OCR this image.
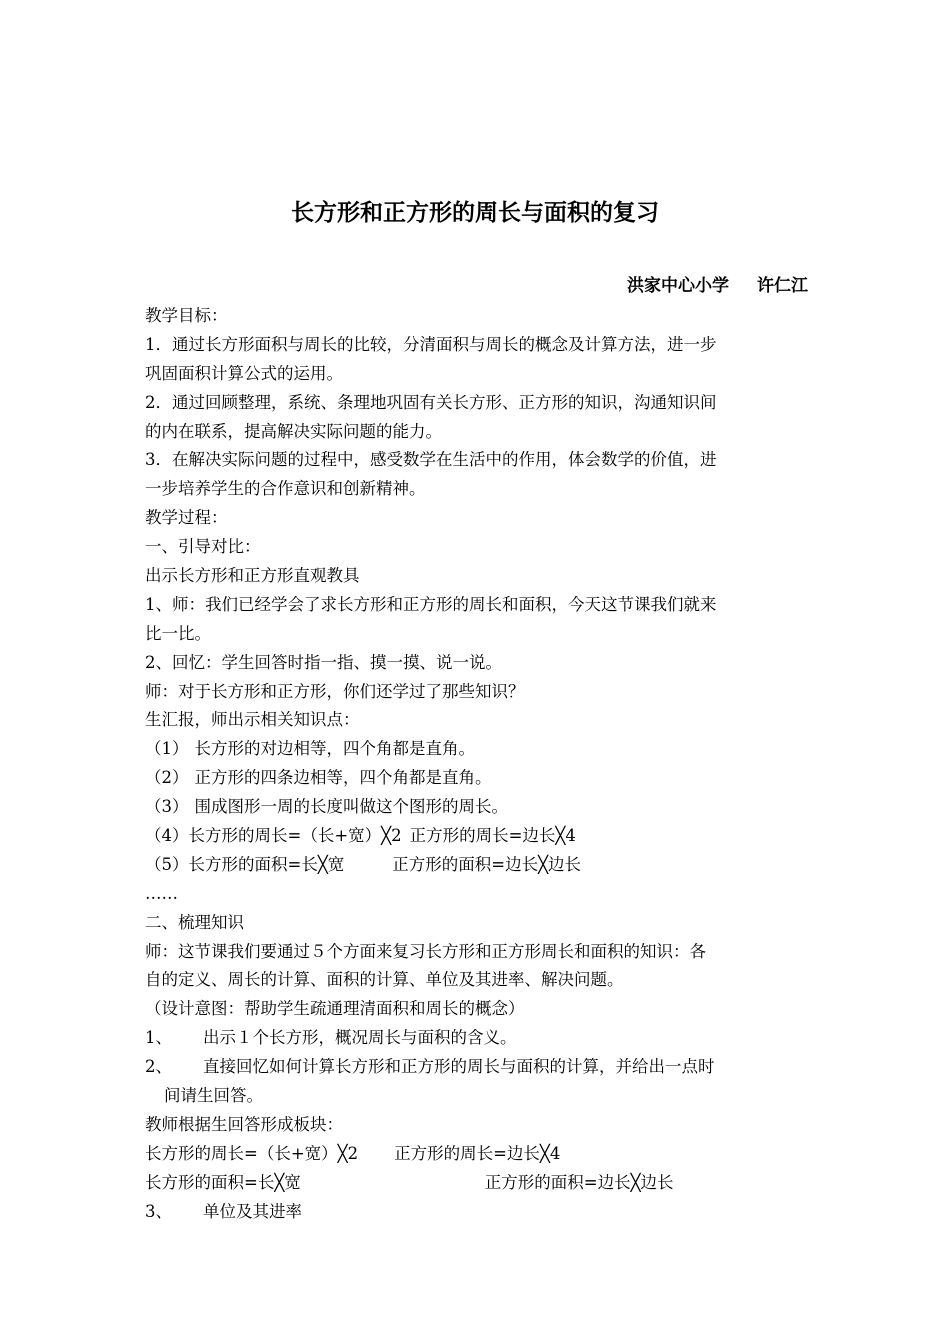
长方形和正方形的周长与面积的复习
洪家中心小学 许仁江
教学目标：
1．通过长方形面积与周长的比较，分清面积与周长的概念及计算方法，进一步
巩固面积计算公式的运用。
2．通过回顾整理，系统、条理地巩固有关长方形、正方形的知识，沟通知识间
的内在联系，提高解决实际问题的能力。
3．在解决实际问题的过程中，感受数学在生活中的作用，体会数学的价值，进
一步培养学生的合作意识和创新精神。
教学过程：
一、引导对比：
出示长方形和正方形直观教具
1、师：我们已经学会了求长方形和正方形的周长和面积，今天这节课我们就来
比一比。
2、回忆：学生回答时指一指、摸一摸、说一说。
师：对于长方形和正方形，你们还学过了那些知识？
生汇报，师出示相关知识点：
（1） 长方形的对边相等，四个角都是直角。
（2） 正方形的四条边相等，四个角都是直角。
（3） 围成图形一周的长度叫做这个图形的周长。
（4）长方形的周长=（长+宽）╳2 正方形的周长=边长╳4
（5）长方形的面积=长╳宽	正方形的面积=边长╳边长
……
二、梳理知识
师：这节课我们要通过５个方面来复习长方形和正方形周长和面积的知识：各
自的定义、周长的计算、面积的计算、单位及其进率、解决问题。
（设计意图：帮助学生疏通理清面积和周长的概念）
1、 出示１个长方形，概况周长与面积的含义。
2、 直接回忆如何计算长方形和正方形的周长与面积的计算，并给出一点时
间请生回答。
教师根据生回答形成板块：
长方形的周长=（长+宽）╳2 正方形的周长=边长╳4
长方形的面积=长╳宽	正方形的面积=边长╳边长
3、 单位及其进率
